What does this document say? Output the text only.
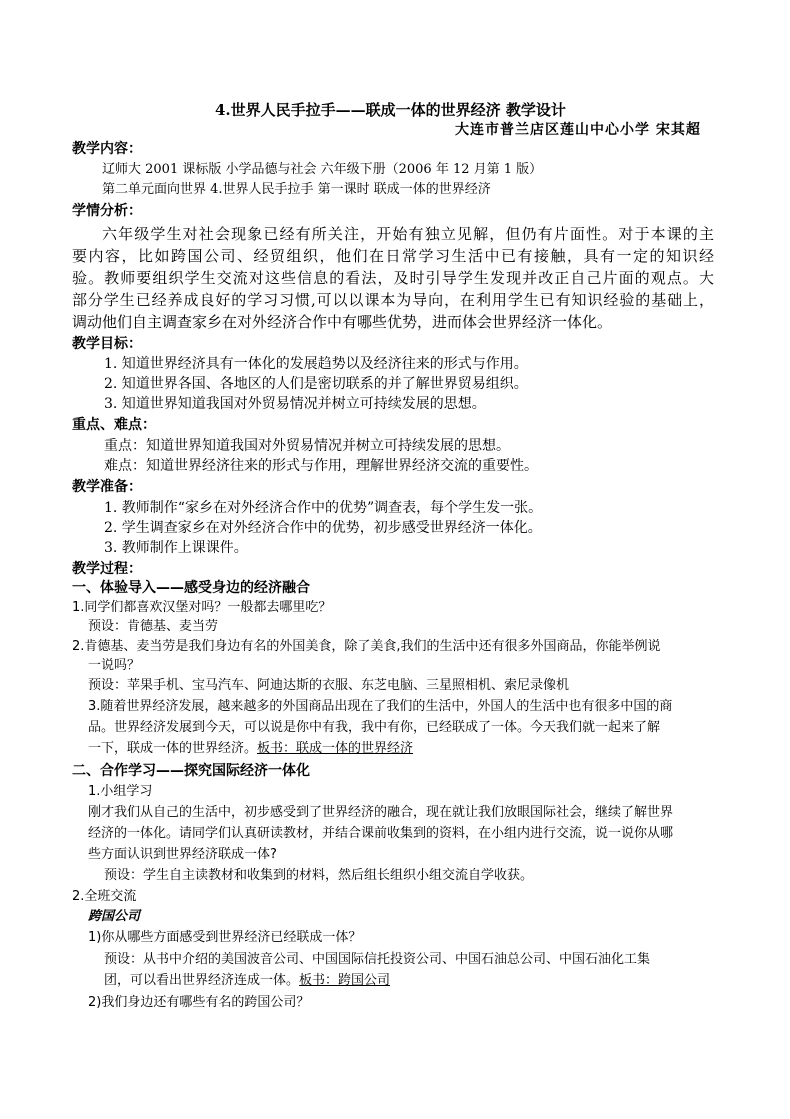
4.世界人民手拉手——联成一体的世界经济 教学设计
大连市普兰店区莲山中心小学 宋其超
教学内容：
辽师大 2001 课标版 小学品德与社会 六年级下册（2006 年 12 月第 1 版）
第二单元面向世界 4.世界人民手拉手 第一课时 联成一体的世界经济
学情分析：
六年级学生对社会现象已经有所关注，开始有独立见解，但仍有片面性。对于本课的主
要内容，比如跨国公司、经贸组织，他们在日常学习生活中已有接触，具有一定的知识经
验。教师要组织学生交流对这些信息的看法，及时引导学生发现并改正自己片面的观点。大
部分学生已经养成良好的学习习惯,可以以课本为导向，在利用学生已有知识经验的基础上，
调动他们自主调查家乡在对外经济合作中有哪些优势，进而体会世界经济一体化。
教学目标：
1. 知道世界经济具有一体化的发展趋势以及经济往来的形式与作用。
2. 知道世界各国、各地区的人们是密切联系的并了解世界贸易组织。
3. 知道世界知道我国对外贸易情况并树立可持续发展的思想。
重点、难点：
重点：知道世界知道我国对外贸易情况并树立可持续发展的思想。
难点：知道世界经济往来的形式与作用，理解世界经济交流的重要性。
教学准备：
1. 教师制作“家乡在对外经济合作中的优势”调查表，每个学生发一张。
2. 学生调查家乡在对外经济合作中的优势，初步感受世界经济一体化。
3. 教师制作上课课件。
教学过程：
一、体验导入——感受身边的经济融合
1.同学们都喜欢汉堡对吗？一般都去哪里吃？
预设：肯德基、麦当劳
2.肯德基、麦当劳是我们身边有名的外国美食，除了美食,我们的生活中还有很多外国商品，你能举例说
一说吗？
预设：苹果手机、宝马汽车、阿迪达斯的衣服、东芝电脑、三星照相机、索尼录像机
3.随着世界经济发展，越来越多的外国商品出现在了我们的生活中，外国人的生活中也有很多中国的商
品。世界经济发展到今天，可以说是你中有我，我中有你，已经联成了一体。今天我们就一起来了解
一下，联成一体的世界经济。板书：联成一体的世界经济
二、合作学习——探究国际经济一体化
1.小组学习
刚才我们从自己的生活中，初步感受到了世界经济的融合，现在就让我们放眼国际社会，继续了解世界
经济的一体化。请同学们认真研读教材，并结合课前收集到的资料，在小组内进行交流，说一说你从哪
些方面认识到世界经济联成一体?
预设：学生自主读教材和收集到的材料，然后组长组织小组交流自学收获。
2.全班交流
跨国公司
1)你从哪些方面感受到世界经济已经联成一体？
预设：从书中介绍的美国波音公司、中国国际信托投资公司、中国石油总公司、中国石油化工集
团，可以看出世界经济连成一体。板书：跨国公司
2)我们身边还有哪些有名的跨国公司？
